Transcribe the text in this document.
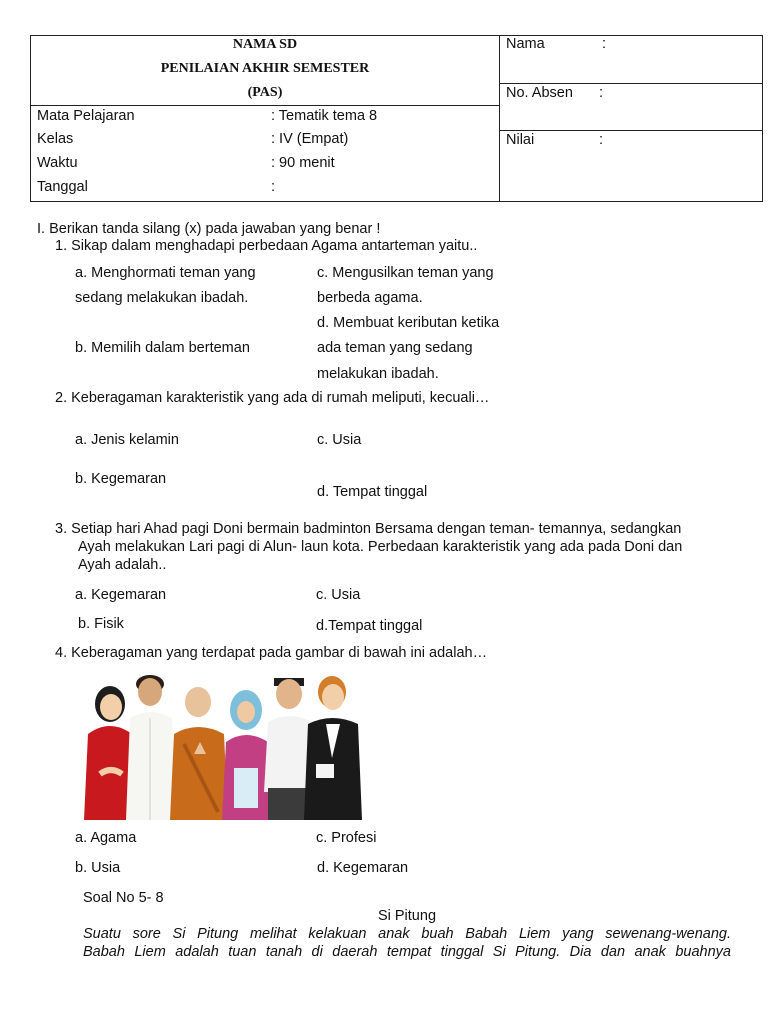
NAMA SD
PENILAIAN AKHIR SEMESTER
(PAS)
Mata Pelajaran	: Tematik tema 8
Kelas	: IV (Empat)
Waktu	: 90 menit
Tanggal	:
Nama	:
No. Absen :
Nilai	:
I. Berikan tanda silang (x) pada jawaban yang benar !
1. Sikap dalam menghadapi perbedaan Agama antarteman yaitu..
a. Menghormati teman yang
sedang melakukan ibadah.
b. Memilih dalam berteman
c. Mengusilkan teman yang
berbeda agama.
d. Membuat keributan ketika
ada teman yang sedang
melakukan ibadah.
2. Keberagaman karakteristik yang ada di rumah meliputi, kecuali…
a. Jenis kelamin
b. Kegemaran
c. Usia
d. Tempat tinggal
3. Setiap hari Ahad pagi Doni bermain badminton Bersama dengan teman- temannya, sedangkan
Ayah melakukan Lari pagi di Alun- laun kota. Perbedaan karakteristik yang ada pada Doni dan
Ayah adalah..
a. Kegemaran
b. Fisik
c. Usia
d.Tempat tinggal
4. Keberagaman yang terdapat pada gambar di bawah ini adalah…
a. Agama
b. Usia
c. Profesi
d. Kegemaran
Soal No 5- 8
Si Pitung
Suatu sore Si Pitung melihat kelakuan anak buah Babah Liem yang sewenang-wenang.
Babah Liem adalah tuan tanah di daerah tempat tinggal Si Pitung. Dia dan anak buahnya
